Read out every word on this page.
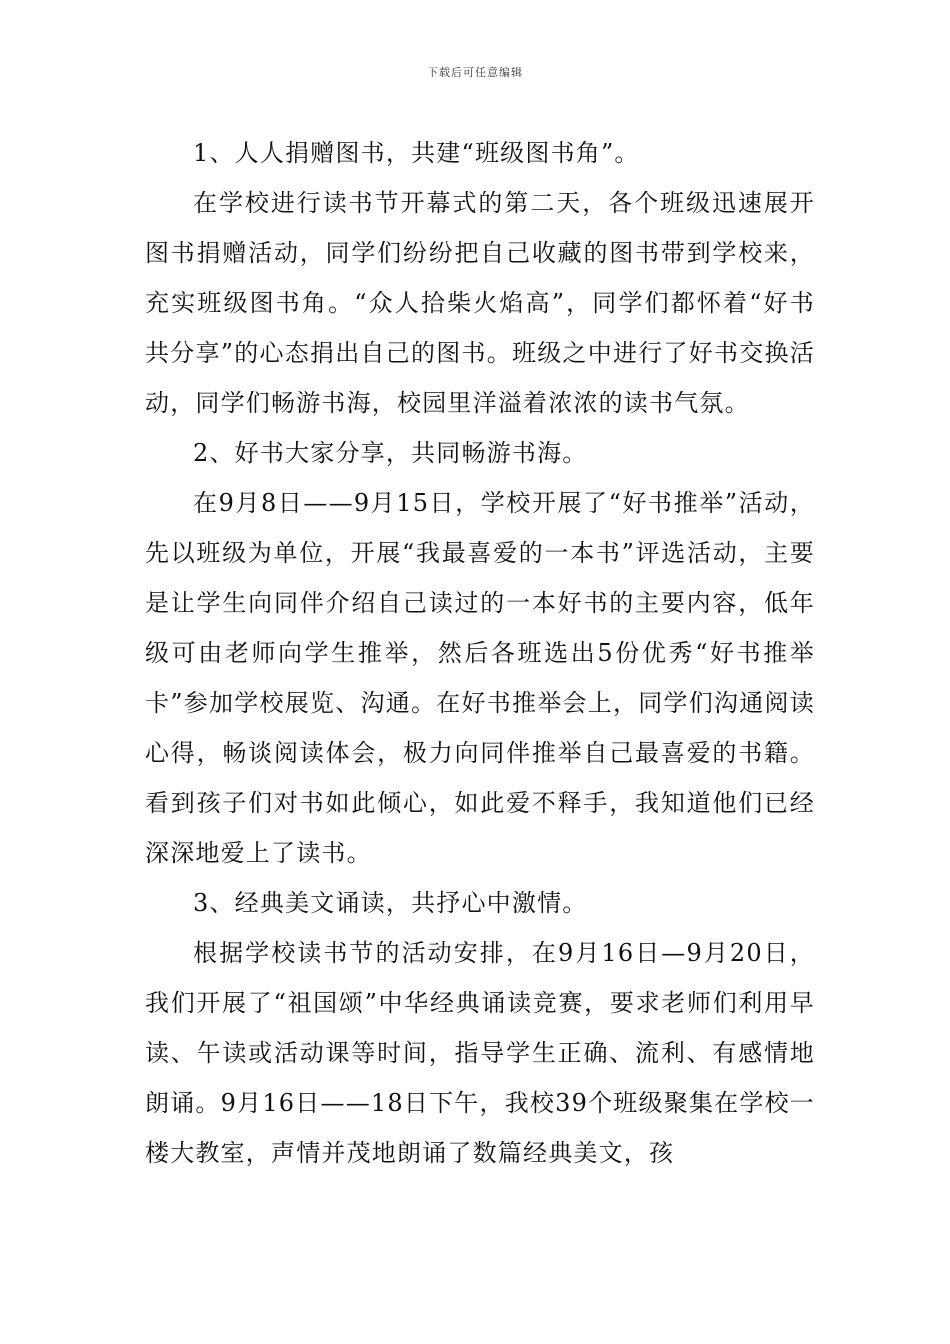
下载后可任意编辑

1、人人捐赠图书，共建“班级图书角”。

在学校进行读书节开幕式的第二天，各个班级迅速展开图书捐赠活动，同学们纷纷把自己收藏的图书带到学校来，充实班级图书角。“众人拾柴火焰高”，同学们都怀着“好书共分享”的心态捐出自己的图书。班级之中进行了好书交换活动，同学们畅游书海，校园里洋溢着浓浓的读书气氛。

2、好书大家分享，共同畅游书海。

在9月8日——9月15日，学校开展了“好书推举”活动，先以班级为单位，开展“我最喜爱的一本书”评选活动，主要是让学生向同伴介绍自己读过的一本好书的主要内容，低年级可由老师向学生推举，然后各班选出5份优秀“好书推举卡”参加学校展览、沟通。在好书推举会上，同学们沟通阅读心得，畅谈阅读体会，极力向同伴推举自己最喜爱的书籍。看到孩子们对书如此倾心，如此爱不释手，我知道他们已经深深地爱上了读书。

3、经典美文诵读，共抒心中激情。

根据学校读书节的活动安排，在9月16日—9月20日，我们开展了“祖国颂”中华经典诵读竞赛，要求老师们利用早读、午读或活动课等时间，指导学生正确、流利、有感情地朗诵。9月16日——18日下午，我校39个班级聚集在学校一楼大教室，声情并茂地朗诵了数篇经典美文，孩
